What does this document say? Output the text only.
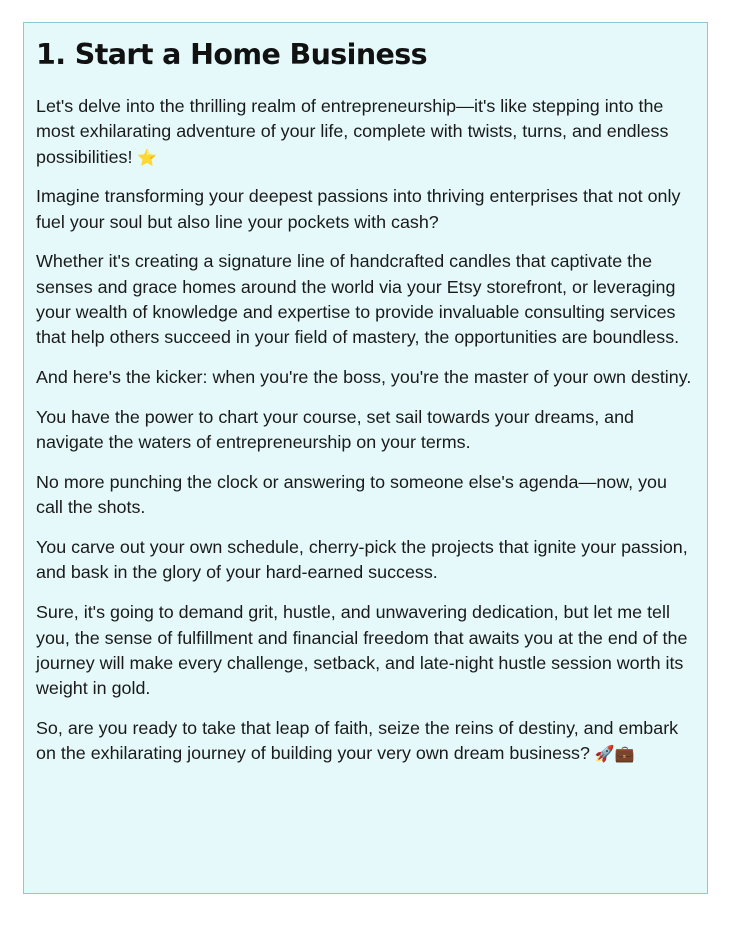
1. Start a Home Business

Let's delve into the thrilling realm of entrepreneurship—it's like stepping into the most exhilarating adventure of your life, complete with twists, turns, and endless possibilities! ⭐

Imagine transforming your deepest passions into thriving enterprises that not only fuel your soul but also line your pockets with cash?

Whether it's creating a signature line of handcrafted candles that captivate the senses and grace homes around the world via your Etsy storefront, or leveraging your wealth of knowledge and expertise to provide invaluable consulting services that help others succeed in your field of mastery, the opportunities are boundless.

And here's the kicker: when you're the boss, you're the master of your own destiny.

You have the power to chart your course, set sail towards your dreams, and navigate the waters of entrepreneurship on your terms.

No more punching the clock or answering to someone else's agenda—now, you call the shots.

You carve out your own schedule, cherry-pick the projects that ignite your passion, and bask in the glory of your hard-earned success.

Sure, it's going to demand grit, hustle, and unwavering dedication, but let me tell you, the sense of fulfillment and financial freedom that awaits you at the end of the journey will make every challenge, setback, and late-night hustle session worth its weight in gold.

So, are you ready to take that leap of faith, seize the reins of destiny, and embark on the exhilarating journey of building your very own dream business? 🚀💼
